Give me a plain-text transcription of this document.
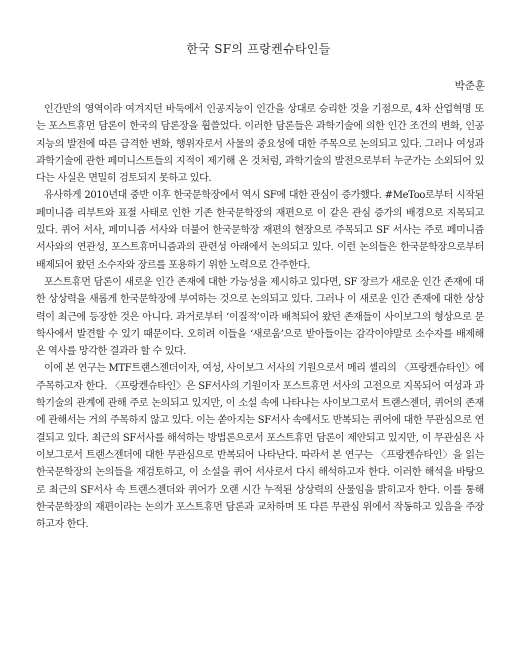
한국 SF의 프랑켄슈타인들
박준훈

인간만의 영역이라 여겨지던 바둑에서 인공지능이 인간을 상대로 승리한 것을 기점으로, 4차 산업혁명 또는 포스트휴먼 담론이 한국의 담론장을 휩쓸었다. 이러한 담론들은 과학기술에 의한 인간 조건의 변화, 인공지능의 발전에 따른 급격한 변화, 행위자로서 사물의 중요성에 대한 주목으로 논의되고 있다. 그러나 여성과 과학기술에 관한 페미니스트들의 지적이 제기해 온 것처럼, 과학기술의 발전으로부터 누군가는 소외되어 있다는 사실은 면밀히 검토되지 못하고 있다.

유사하게 2010년대 중반 이후 한국문학장에서 역시 SF에 대한 관심이 증가했다. #MeToo로부터 시작된 페미니즘 리부트와 표절 사태로 인한 기존 한국문학장의 재편으로 이 같은 관심 증가의 배경으로 지목되고 있다. 퀴어 서사, 페미니즘 서사와 더불어 한국문학장 재편의 현장으로 주목되고 SF 서사는 주로 페미니즘 서사와의 연관성, 포스트휴머니즘과의 관련성 아래에서 논의되고 있다. 이런 논의들은 한국문학장으로부터 배제되어 왔던 소수자와 장르를 포용하기 위한 노력으로 간주한다.

포스트휴먼 담론이 새로운 인간 존재에 대한 가능성을 제시하고 있다면, SF 장르가 새로운 인간 존재에 대한 상상력을 새롭게 한국문학장에 부여하는 것으로 논의되고 있다. 그러나 이 새로운 인간 존재에 대한 상상력이 최근에 등장한 것은 아니다. 과거로부터 ‘이질적’이라 배척되어 왔던 존재들이 사이보그의 형상으로 문학사에서 발견할 수 있기 때문이다. 오히려 이들을 ‘새로움’으로 받아들이는 감각이야말로 소수자를 배제해 온 역사를 망각한 결과라 할 수 있다.

이에 본 연구는 MTF트랜스젠더이자, 여성, 사이보그 서사의 기원으로서 메리 셸리의 〈프랑켄슈타인〉에 주목하고자 한다. 〈프랑켄슈타인〉은 SF서사의 기원이자 포스트휴먼 서사의 고전으로 지목되어 여성과 과학기술의 관계에 관해 주로 논의되고 있지만, 이 소설 속에 나타나는 사이보그로서 트랜스젠더, 퀴어의 존재에 관해서는 거의 주목하지 않고 있다. 이는 쏟아지는 SF서사 속에서도 반복되는 퀴어에 대한 무관심으로 연결되고 있다. 최근의 SF서사를 해석하는 방법론으로서 포스트휴먼 담론이 제안되고 있지만, 이 무관심은 사이보그로서 트랜스젠더에 대한 무관심으로 반복되어 나타난다. 따라서 본 연구는 〈프랑켄슈타인〉을 읽는 한국문학장의 논의들을 재검토하고, 이 소설을 퀴어 서사로서 다시 해석하고자 한다. 이러한 해석을 바탕으로 최근의 SF서사 속 트랜스젠더와 퀴어가 오랜 시간 누적된 상상력의 산물임을 밝히고자 한다. 이를 통해 한국문학장의 재편이라는 논의가 포스트휴먼 담론과 교차하며 또 다른 무관심 위에서 작동하고 있음을 주장하고자 한다.
